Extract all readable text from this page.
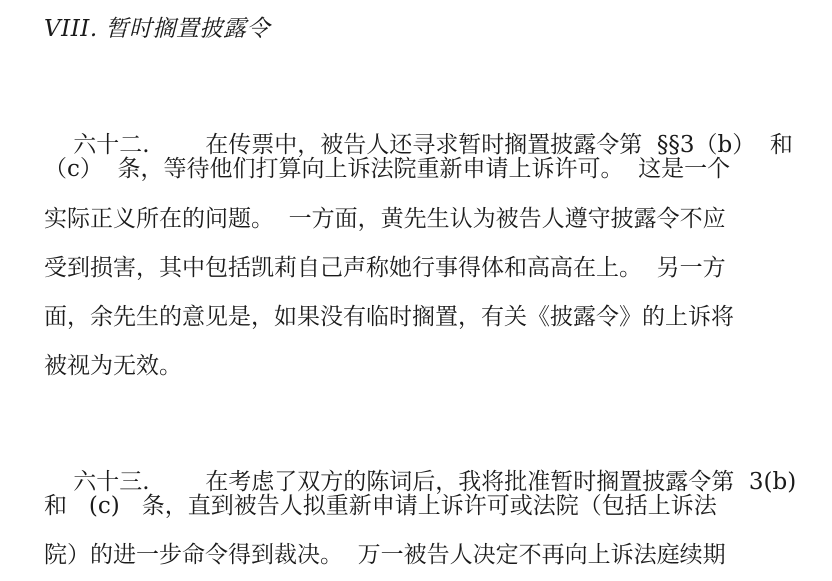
VIII. 暂时搁置披露令

六十二. 在传票中，被告人还寻求暂时搁置披露令第  §§3（b）  和

（c）  条，等待他们打算向上诉法院重新申请上诉许可。  这是一个
实际正义所在的问题。  一方面，黄先生认为被告人遵守披露令不应
受到损害，其中包括凯莉自己声称她行事得体和高高在上。  另一方
面，余先生的意见是，如果没有临时搁置，有关《披露令》的上诉将
被视为无效。

六十三. 在考虑了双方的陈词后，我将批准暂时搁置披露令第  3(b)

和   (c)   条，直到被告人拟重新申请上诉许可或法院（包括上诉法
院）的进一步命令得到裁决。  万一被告人决定不再向上诉法庭续期
